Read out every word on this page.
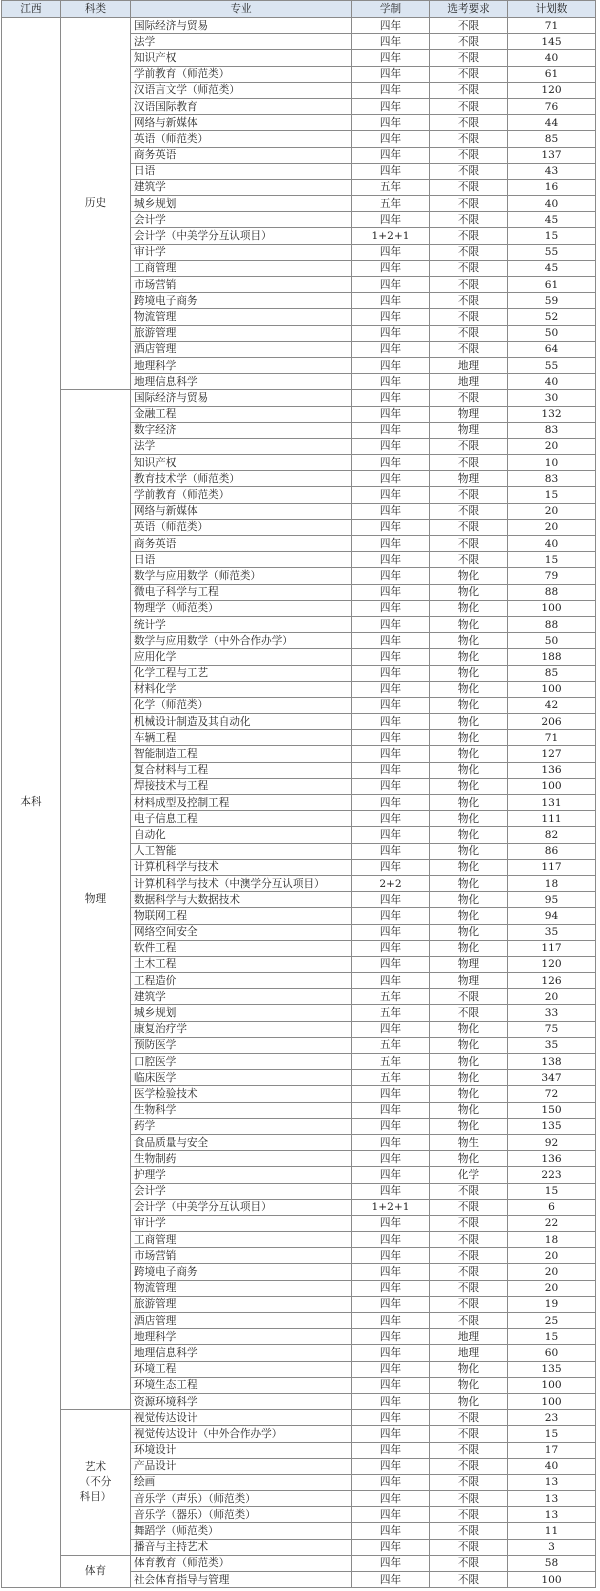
江西	科类	专业	学制	选考要求	计划数
本科	历史	国际经济与贸易	四年	不限	71
		法学	四年	不限	145
		知识产权	四年	不限	40
		学前教育（师范类）	四年	不限	61
		汉语言文学（师范类）	四年	不限	120
		汉语国际教育	四年	不限	76
		网络与新媒体	四年	不限	44
		英语（师范类）	四年	不限	85
		商务英语	四年	不限	137
		日语	四年	不限	43
		建筑学	五年	不限	16
		城乡规划	五年	不限	40
		会计学	四年	不限	45
		会计学（中美学分互认项目）	1+2+1	不限	15
		审计学	四年	不限	55
		工商管理	四年	不限	45
		市场营销	四年	不限	61
		跨境电子商务	四年	不限	59
		物流管理	四年	不限	52
		旅游管理	四年	不限	50
		酒店管理	四年	不限	64
		地理科学	四年	地理	55
		地理信息科学	四年	地理	40
	物理	国际经济与贸易	四年	不限	30
		金融工程	四年	物理	132
		数字经济	四年	物理	83
		法学	四年	不限	20
		知识产权	四年	不限	10
		教育技术学（师范类）	四年	物理	83
		学前教育（师范类）	四年	不限	15
		网络与新媒体	四年	不限	20
		英语（师范类）	四年	不限	20
		商务英语	四年	不限	40
		日语	四年	不限	15
		数学与应用数学（师范类）	四年	物化	79
		微电子科学与工程	四年	物化	88
		物理学（师范类）	四年	物化	100
		统计学	四年	物化	88
		数学与应用数学（中外合作办学）	四年	物化	50
		应用化学	四年	物化	188
		化学工程与工艺	四年	物化	85
		材料化学	四年	物化	100
		化学（师范类）	四年	物化	42
		机械设计制造及其自动化	四年	物化	206
		车辆工程	四年	物化	71
		智能制造工程	四年	物化	127
		复合材料与工程	四年	物化	136
		焊接技术与工程	四年	物化	100
		材料成型及控制工程	四年	物化	131
		电子信息工程	四年	物化	111
		自动化	四年	物化	82
		人工智能	四年	物化	86
		计算机科学与技术	四年	物化	117
		计算机科学与技术（中澳学分互认项目）	2+2	物化	18
		数据科学与大数据技术	四年	物化	95
		物联网工程	四年	物化	94
		网络空间安全	四年	物化	35
		软件工程	四年	物化	117
		土木工程	四年	物理	120
		工程造价	四年	物理	126
		建筑学	五年	不限	20
		城乡规划	五年	不限	33
		康复治疗学	四年	物化	75
		预防医学	五年	物化	35
		口腔医学	五年	物化	138
		临床医学	五年	物化	347
		医学检验技术	四年	物化	72
		生物科学	四年	物化	150
		药学	四年	物化	135
		食品质量与安全	四年	物生	92
		生物制药	四年	物化	136
		护理学	四年	化学	223
		会计学	四年	不限	15
		会计学（中美学分互认项目）	1+2+1	不限	6
		审计学	四年	不限	22
		工商管理	四年	不限	18
		市场营销	四年	不限	20
		跨境电子商务	四年	不限	20
		物流管理	四年	不限	20
		旅游管理	四年	不限	19
		酒店管理	四年	不限	25
		地理科学	四年	地理	15
		地理信息科学	四年	地理	60
		环境工程	四年	物化	135
		环境生态工程	四年	物化	100
		资源环境科学	四年	物化	100
	艺术（不分科目）	视觉传达设计	四年	不限	23
		视觉传达设计（中外合作办学）	四年	不限	15
		环境设计	四年	不限	17
		产品设计	四年	不限	40
		绘画	四年	不限	13
		音乐学（声乐）（师范类）	四年	不限	13
		音乐学（器乐）（师范类）	四年	不限	13
		舞蹈学（师范类）	四年	不限	11
		播音与主持艺术	四年	不限	3
	体育	体育教育（师范类）	四年	不限	58
		社会体育指导与管理	四年	不限	100
